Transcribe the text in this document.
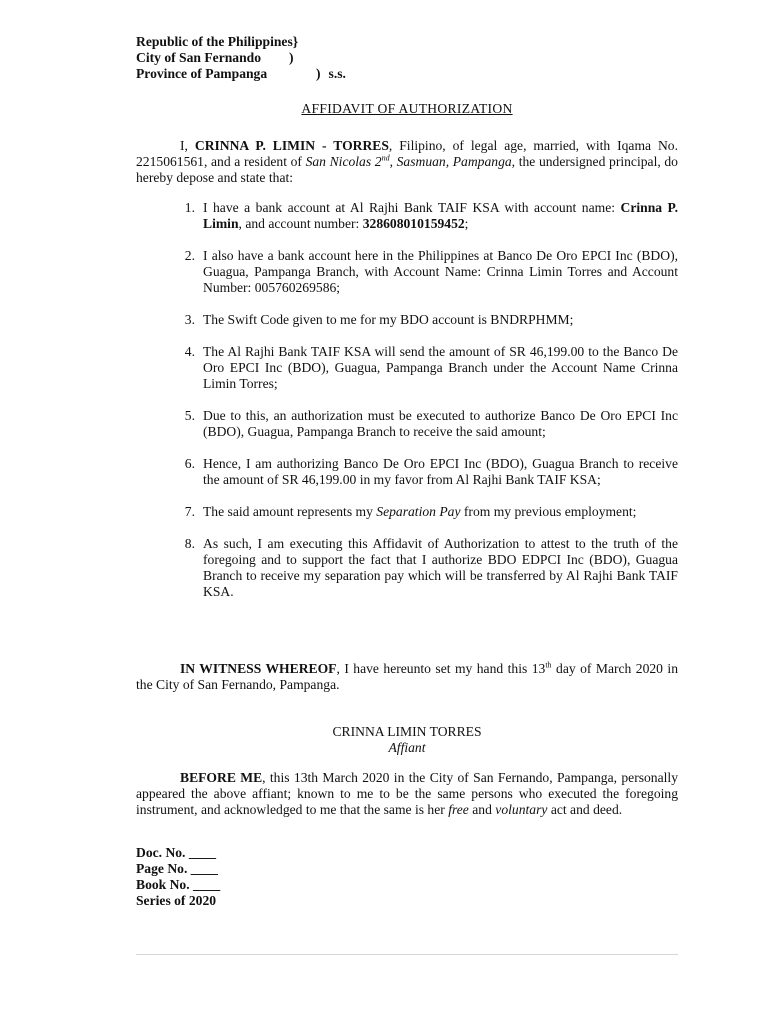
Republic of the Philippines}
City of San Fernando	)
Province of Pampanga	) s.s.
AFFIDAVIT OF AUTHORIZATION
I, CRINNA P. LIMIN - TORRES, Filipino, of legal age, married, with Iqama No. 2215061561, and a resident of San Nicolas 2nd, Sasmuan, Pampanga, the undersigned principal, do hereby depose and state that:
1. I have a bank account at Al Rajhi Bank TAIF KSA with account name: Crinna P. Limin, and account number: 328608010159452;
2. I also have a bank account here in the Philippines at Banco De Oro EPCI Inc (BDO), Guagua, Pampanga Branch, with Account Name: Crinna Limin Torres and Account Number: 005760269586;
3. The Swift Code given to me for my BDO account is BNDRPHMM;
4. The Al Rajhi Bank TAIF KSA will send the amount of SR 46,199.00 to the Banco De Oro EPCI Inc (BDO), Guagua, Pampanga Branch under the Account Name Crinna Limin Torres;
5. Due to this, an authorization must be executed to authorize Banco De Oro EPCI Inc (BDO), Guagua, Pampanga Branch to receive the said amount;
6. Hence, I am authorizing Banco De Oro EPCI Inc (BDO), Guagua Branch to receive the amount of SR 46,199.00 in my favor from Al Rajhi Bank TAIF KSA;
7. The said amount represents my Separation Pay from my previous employment;
8. As such, I am executing this Affidavit of Authorization to attest to the truth of the foregoing and to support the fact that I authorize BDO EDPCI Inc (BDO), Guagua Branch to receive my separation pay which will be transferred by Al Rajhi Bank TAIF KSA.
IN WITNESS WHEREOF, I have hereunto set my hand this 13th day of March 2020 in the City of San Fernando, Pampanga.
CRINNA LIMIN TORRES
Affiant
BEFORE ME, this 13th March 2020 in the City of San Fernando, Pampanga, personally appeared the above affiant; known to me to be the same persons who executed the foregoing instrument, and acknowledged to me that the same is her free and voluntary act and deed.
Doc. No. ____
Page No. ____
Book No. ____
Series of 2020
